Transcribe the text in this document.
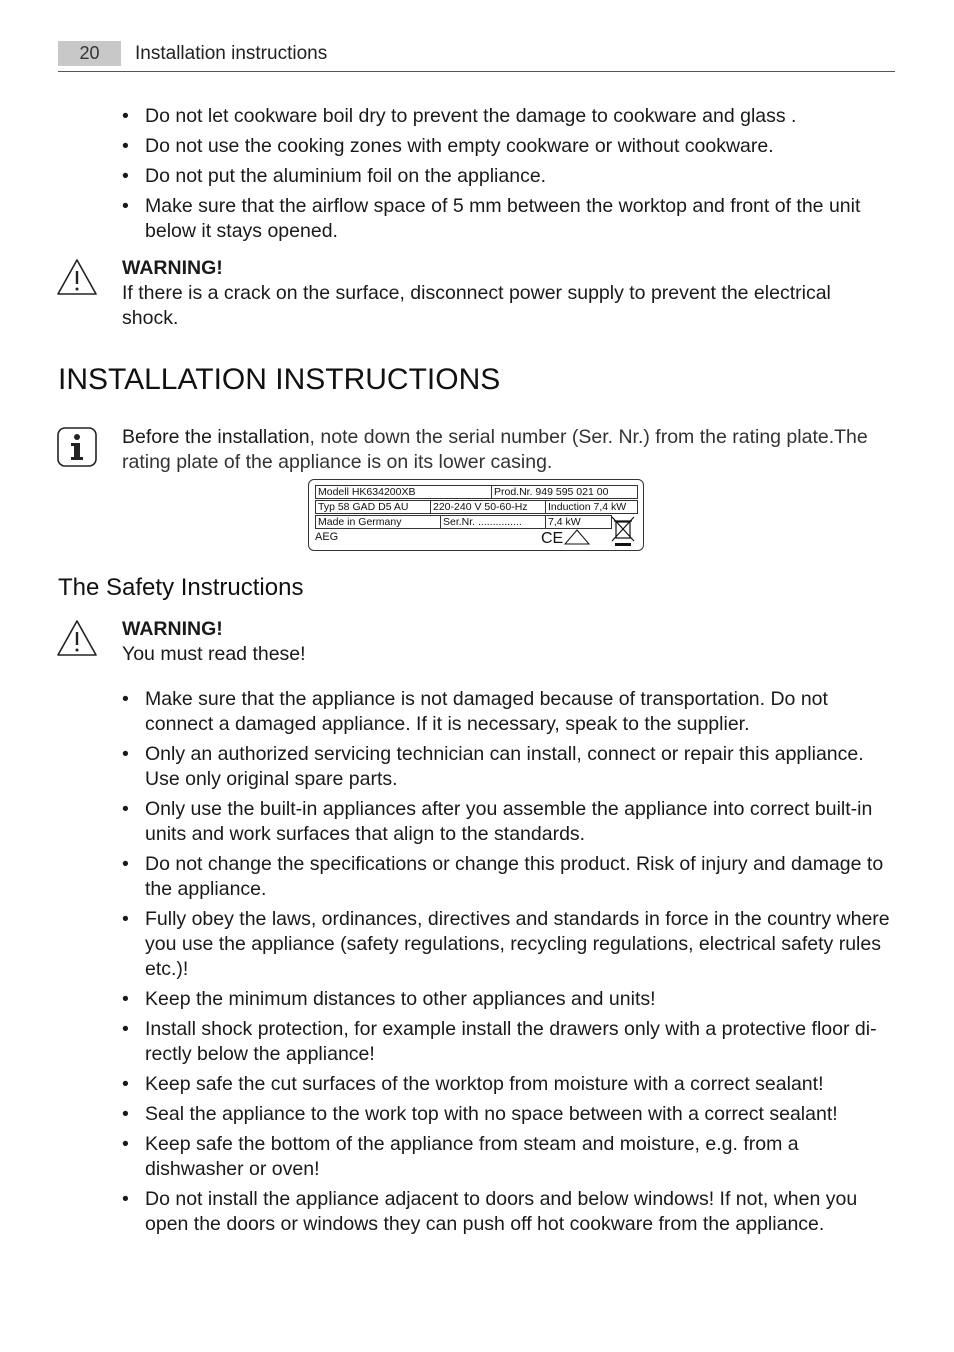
20	Installation instructions
• Do not let cookware boil dry to prevent the damage to cookware and glass .
• Do not use the cooking zones with empty cookware or without cookware.
• Do not put the aluminium foil on the appliance.
• Make sure that the airflow space of 5 mm between the worktop and front of the unit below it stays opened.
WARNING!
If there is a crack on the surface, disconnect power supply to prevent the electrical shock.
INSTALLATION INSTRUCTIONS
Before the installation, note down the serial number (Ser. Nr.) from the rating plate.The rating plate of the appliance is on its lower casing.
Modell HK634200XB	Prod.Nr. 949 595 021 00
Typ 58 GAD D5 AU	220-240 V 50-60-Hz	Induction 7,4 kW
Made in Germany	Ser.Nr. ...............	7,4 kW
AEG	CE
The Safety Instructions
WARNING!
You must read these!
• Make sure that the appliance is not damaged because of transportation. Do not connect a damaged appliance. If it is necessary, speak to the supplier.
• Only an authorized servicing technician can install, connect or repair this appliance. Use only original spare parts.
• Only use the built-in appliances after you assemble the appliance into correct built-in units and work surfaces that align to the standards.
• Do not change the specifications or change this product. Risk of injury and damage to the appliance.
• Fully obey the laws, ordinances, directives and standards in force in the country where you use the appliance (safety regulations, recycling regulations, electrical safety rules etc.)!
• Keep the minimum distances to other appliances and units!
• Install shock protection, for example install the drawers only with a protective floor di-rectly below the appliance!
• Keep safe the cut surfaces of the worktop from moisture with a correct sealant!
• Seal the appliance to the work top with no space between with a correct sealant!
• Keep safe the bottom of the appliance from steam and moisture, e.g. from a dishwasher or oven!
• Do not install the appliance adjacent to doors and below windows! If not, when you open the doors or windows they can push off hot cookware from the appliance.
